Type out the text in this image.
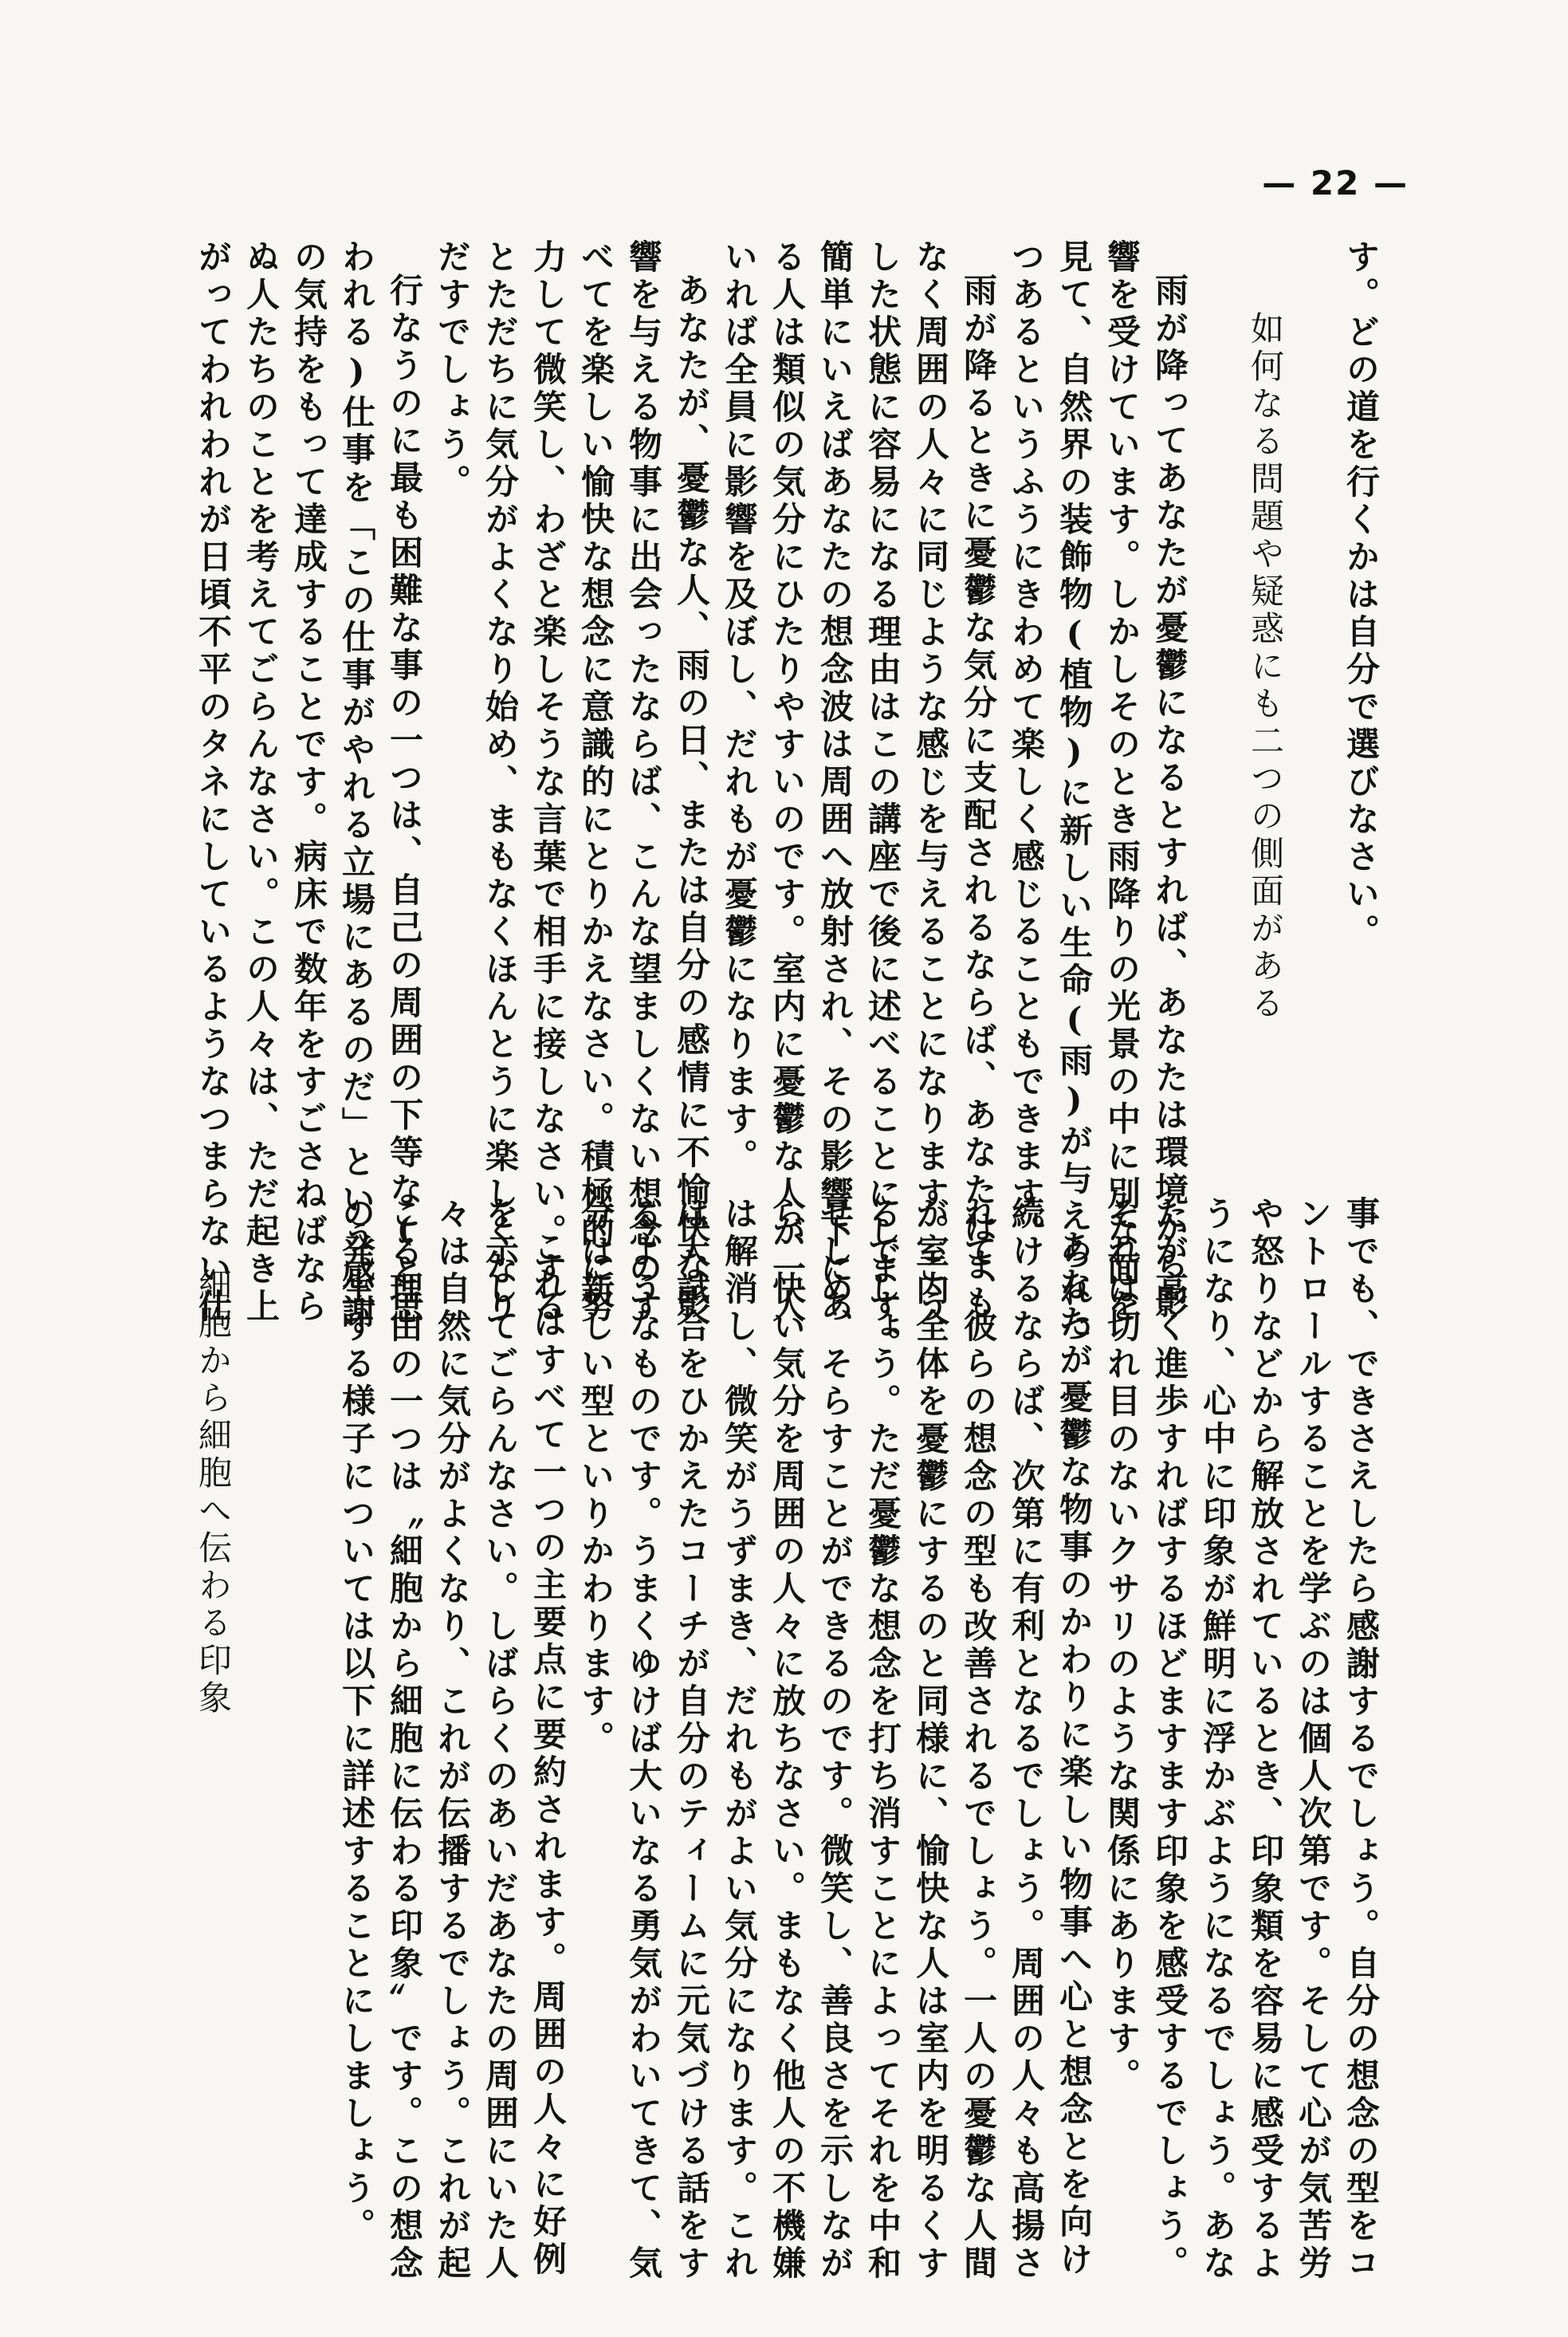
— 22 —
す。どの道を行くかは自分で選びなさい。
如何なる問題や疑惑にも二つの側面がある
雨が降ってあなたが憂鬱になるとすれば、あなたは環境から影
響を受けています。しかしそのとき雨降りの光景の中に別な面を
見て、自然界の装飾物(植物)に新しい生命(雨)が与えられつ
つあるというふうにきわめて楽しく感じることもできます。
雨が降るときに憂鬱な気分に支配されるならば、あなたはまも
なく周囲の人々に同じような感じを与えることになります。こう
した状態に容易になる理由はこの講座で後に述べることにします。
簡単にいえばあなたの想念波は周囲へ放射され、その影響下にあ
る人は類似の気分にひたりやすいのです。室内に憂鬱な人が一人
いれば全員に影響を及ぼし、だれもが憂鬱になります。
あなたが、憂鬱な人、雨の日、または自分の感情に不愉快な影
響を与える物事に出会ったならば、こんな望ましくない想念のす
べてを楽しい愉快な想念に意識的にとりかえなさい。積極的に努
力して微笑し、わざと楽しそうな言葉で相手に接しなさい。する
とただちに気分がよくなり始め、まもなくほんとうに楽しくなり
だすでしょう。
行なうのに最も困難な事の一つは、自己の周囲の下等な(と思
われる)仕事を「この仕事がやれる立場にあるのだ」という感謝
の気持をもって達成することです。病床で数年をすごさねばなら
ぬ人たちのことを考えてごらんなさい。この人々は、ただ起き上
がってわれわれが日頃不平のタネにしているようなつまらない仕
事でも、できさえしたら感謝するでしょう。自分の想念の型をコ
ントロールすることを学ぶのは個人次第です。そして心が気苦労
や怒りなどから解放されているとき、印象類を容易に感受するよ
うになり、心中に印象が鮮明に浮かぶようになるでしょう。あな
たが高く進歩すればするほどますます印象を感受するでしょう。
それは切れ目のないクサリのような関係にあります。
あなたが憂鬱な物事のかわりに楽しい物事へ心と想念とを向け
続けるならば、次第に有利となるでしょう。周囲の人々も高揚さ
れて、彼らの想念の型も改善されるでしょう。一人の憂鬱な人間
が室内全体を憂鬱にするのと同様に、愉快な人は室内を明るくす
るでしょう。ただ憂鬱な想念を打ち消すことによってそれを中和
せしめ、そらすことができるのです。微笑し、善良さを示しなが
ら、快い気分を周囲の人々に放ちなさい。まもなく他人の不機嫌
は解消し、微笑がうずまき、だれもがよい気分になります。これ
は大試合をひかえたコーチが自分のティームに元気づける話をす
るようなものです。うまくゆけば大いなる勇気がわいてきて、気
分は新しい型といりかわります。
これはすべて一つの主要点に要約されます。周囲の人々に好例
を示してごらんなさい。しばらくのあいだあなたの周囲にいた人
々は自然に気分がよくなり、これが伝播するでしょう。これが起
こる理由の一つは〝細胞から細胞に伝わる印象〟です。この想念
の発生する様子については以下に詳述することにしましょう。
細胞から細胞へ伝わる印象
